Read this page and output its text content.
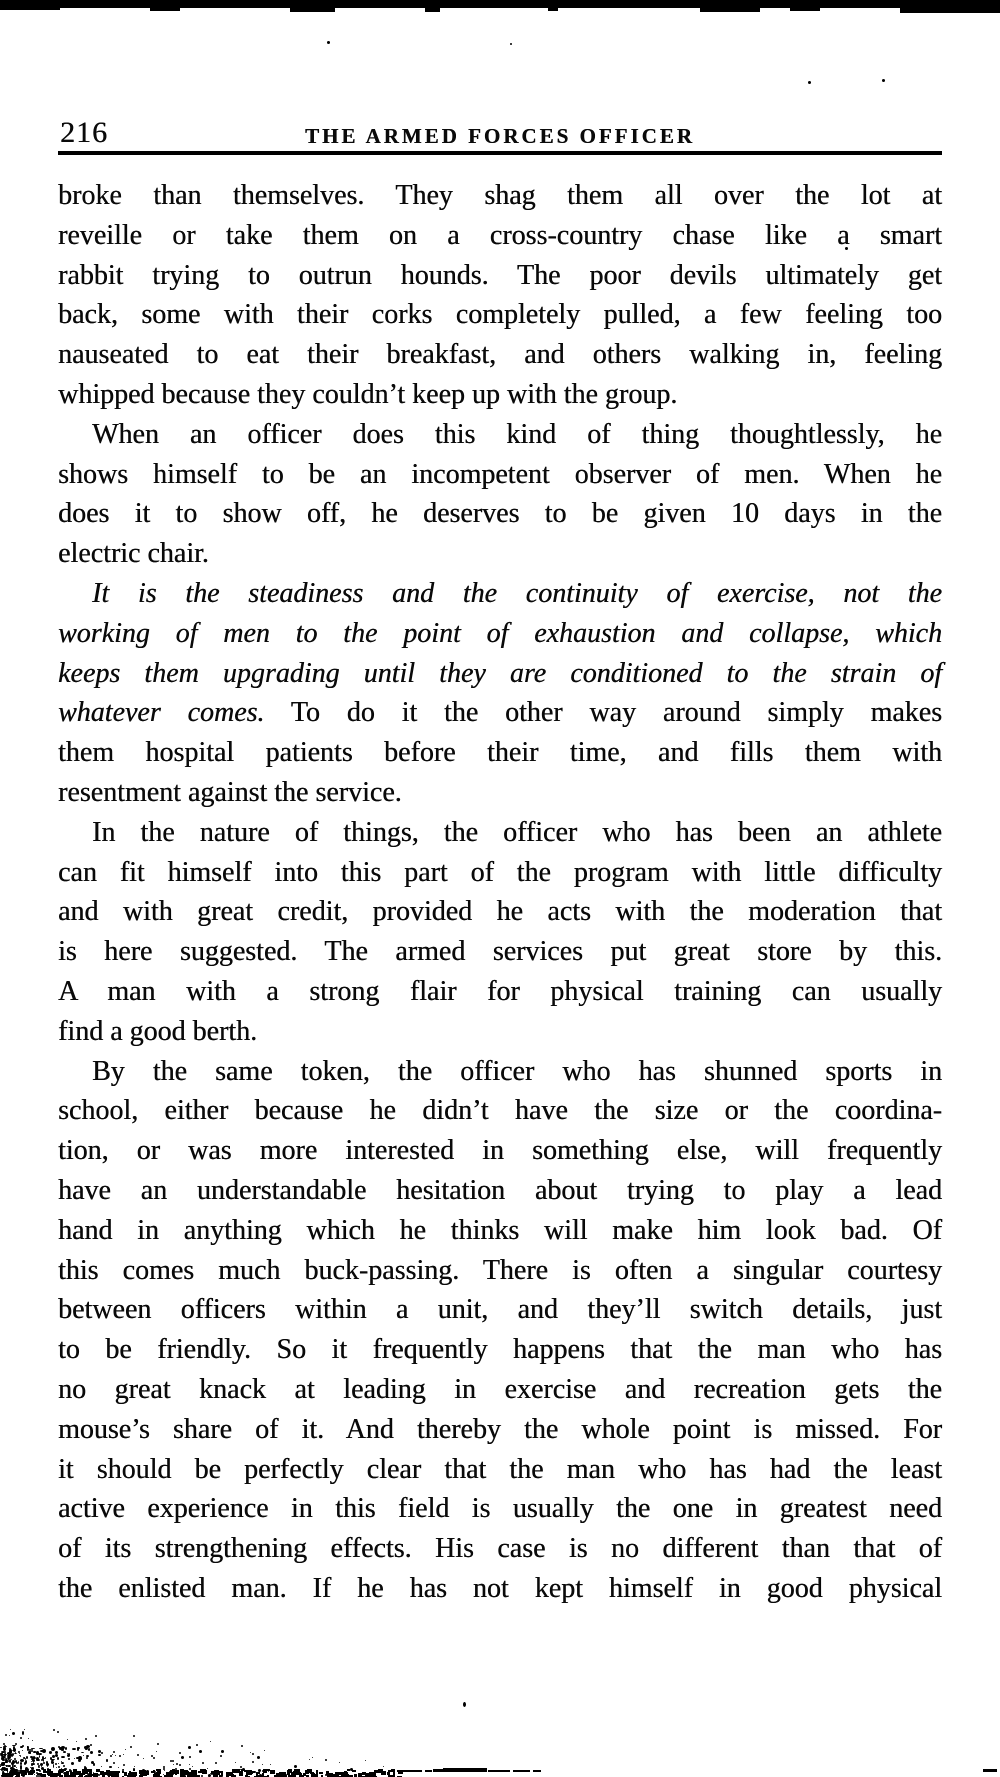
216	THE ARMED FORCES OFFICER
broke than themselves. They shag them all over the lot at
reveille or take them on a cross-country chase like a smart
rabbit trying to outrun hounds. The poor devils ultimately get
back, some with their corks completely pulled, a few feeling too
nauseated to eat their breakfast, and others walking in, feeling
whipped because they couldn’t keep up with the group.
When an officer does this kind of thing thoughtlessly, he
shows himself to be an incompetent observer of men. When he
does it to show off, he deserves to be given 10 days in the
electric chair.
It is the steadiness and the continuity of exercise, not the
working of men to the point of exhaustion and collapse, which
keeps them upgrading until they are conditioned to the strain of
whatever comes. To do it the other way around simply makes
them hospital patients before their time, and fills them with
resentment against the service.
In the nature of things, the officer who has been an athlete
can fit himself into this part of the program with little difficulty
and with great credit, provided he acts with the moderation that
is here suggested. The armed services put great store by this.
A man with a strong flair for physical training can usually
find a good berth.
By the same token, the officer who has shunned sports in
school, either because he didn’t have the size or the coordina-
tion, or was more interested in something else, will frequently
have an understandable hesitation about trying to play a lead
hand in anything which he thinks will make him look bad. Of
this comes much buck-passing. There is often a singular courtesy
between officers within a unit, and they’ll switch details, just
to be friendly. So it frequently happens that the man who has
no great knack at leading in exercise and recreation gets the
mouse’s share of it. And thereby the whole point is missed. For
it should be perfectly clear that the man who has had the least
active experience in this field is usually the one in greatest need
of its strengthening effects. His case is no different than that of
the enlisted man. If he has not kept himself in good physical
